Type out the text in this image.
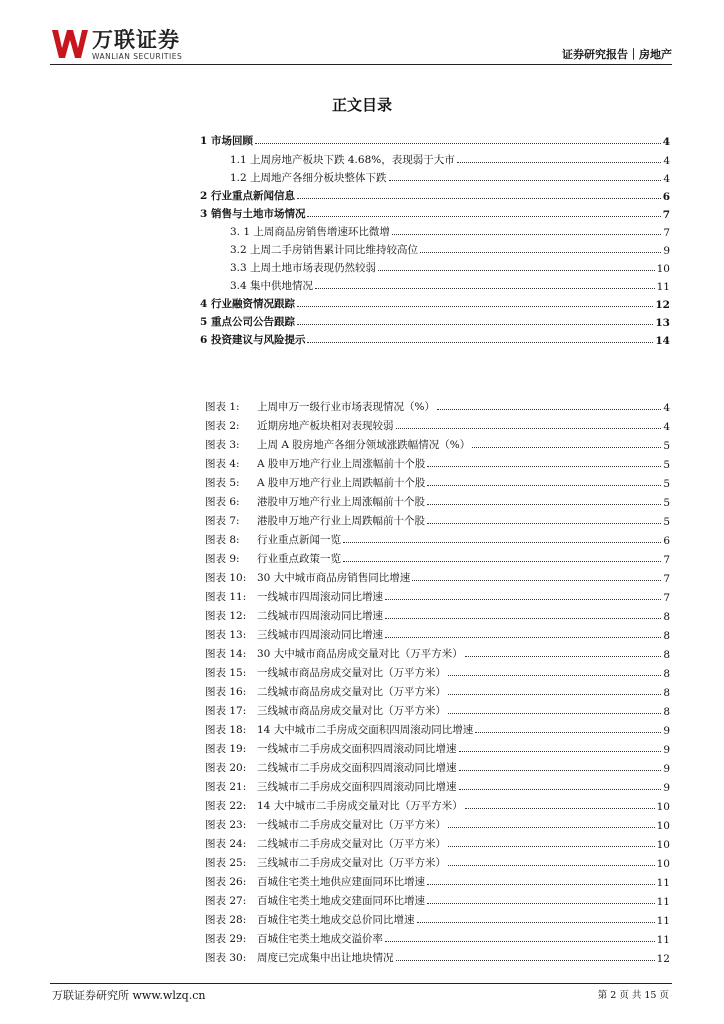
万联证券
WANLIAN SECURITIES	证券研究报告｜房地产
正文目录
1 市场回顾	4
1.1 上周房地产板块下跌 4.68%，表现弱于大市	4
1.2 上周地产各细分板块整体下跌	4
2 行业重点新闻信息	6
3 销售与土地市场情况	7
3. 1 上周商品房销售增速环比微增	7
3.2 上周二手房销售累计同比维持较高位	9
3.3 上周土地市场表现仍然较弱	10
3.4 集中供地情况	11
4 行业融资情况跟踪	12
5 重点公司公告跟踪	13
6 投资建议与风险提示	14
图表 1:	上周申万一级行业市场表现情况（%）	4
图表 2:	近期房地产板块相对表现较弱	4
图表 3:	上周 A 股房地产各细分领域涨跌幅情况（%）	5
图表 4:	A 股申万地产行业上周涨幅前十个股	5
图表 5:	A 股申万地产行业上周跌幅前十个股	5
图表 6:	港股申万地产行业上周涨幅前十个股	5
图表 7:	港股申万地产行业上周跌幅前十个股	5
图表 8:	行业重点新闻一览	6
图表 9:	行业重点政策一览	7
图表 10:	30 大中城市商品房销售同比增速	7
图表 11:	一线城市四周滚动同比增速	7
图表 12:	二线城市四周滚动同比增速	8
图表 13:	三线城市四周滚动同比增速	8
图表 14:	30 大中城市商品房成交量对比（万平方米）	8
图表 15:	一线城市商品房成交量对比（万平方米）	8
图表 16:	二线城市商品房成交量对比（万平方米）	8
图表 17:	三线城市商品房成交量对比（万平方米）	8
图表 18:	14 大中城市二手房成交面积四周滚动同比增速	9
图表 19:	一线城市二手房成交面积四周滚动同比增速	9
图表 20:	二线城市二手房成交面积四周滚动同比增速	9
图表 21:	三线城市二手房成交面积四周滚动同比增速	9
图表 22:	14 大中城市二手房成交量对比（万平方米）	10
图表 23:	一线城市二手房成交量对比（万平方米）	10
图表 24:	二线城市二手房成交量对比（万平方米）	10
图表 25:	三线城市二手房成交量对比（万平方米）	10
图表 26:	百城住宅类土地供应建面同环比增速	11
图表 27:	百城住宅类土地成交建面同环比增速	11
图表 28:	百城住宅类土地成交总价同比增速	11
图表 29:	百城住宅类土地成交溢价率	11
图表 30:	周度已完成集中出让地块情况	12
万联证券研究所 www.wlzq.cn	第 2 页 共 15 页
